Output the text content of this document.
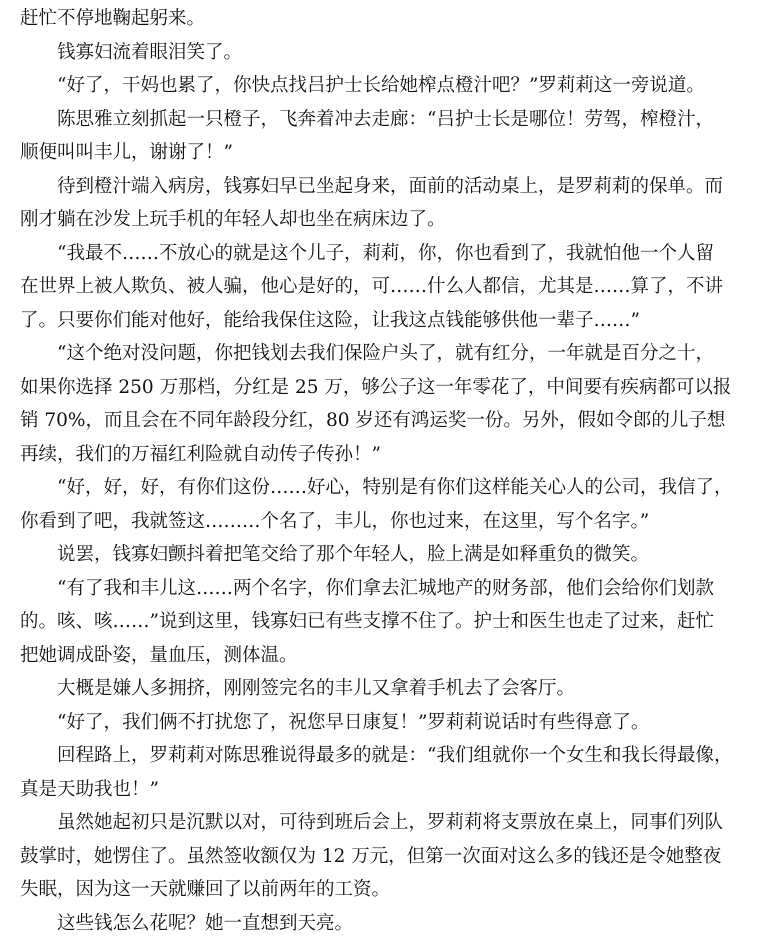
赶忙不停地鞠起躬来。
钱寡妇流着眼泪笑了。
“好了，干妈也累了，你快点找吕护士长给她榨点橙汁吧？”罗莉莉这一旁说道。
陈思雅立刻抓起一只橙子，飞奔着冲去走廊：“吕护士长是哪位！劳驾，榨橙汁，
顺便叫叫丰儿，谢谢了！”
待到橙汁端入病房，钱寡妇早已坐起身来，面前的活动桌上，是罗莉莉的保单。而
刚才躺在沙发上玩手机的年轻人却也坐在病床边了。
“我最不……不放心的就是这个儿子，莉莉，你，你也看到了，我就怕他一个人留
在世界上被人欺负、被人骗，他心是好的，可……什么人都信，尤其是……算了，不讲
了。只要你们能对他好，能给我保住这险，让我这点钱能够供他一辈子……”
“这个绝对没问题，你把钱划去我们保险户头了，就有红分，一年就是百分之十，
如果你选择 250 万那档，分红是 25 万，够公子这一年零花了，中间要有疾病都可以报
销 70%，而且会在不同年龄段分红，80 岁还有鸿运奖一份。另外，假如令郎的儿子想
再续，我们的万福红利险就自动传子传孙！”
“好，好，好，有你们这份……好心，特别是有你们这样能关心人的公司，我信了，
你看到了吧，我就签这………个名了，丰儿，你也过来，在这里，写个名字。”
说罢，钱寡妇颤抖着把笔交给了那个年轻人，脸上满是如释重负的微笑。
“有了我和丰儿这……两个名字，你们拿去汇城地产的财务部，他们会给你们划款
的。咳、咳……”说到这里，钱寡妇已有些支撑不住了。护士和医生也走了过来，赶忙
把她调成卧姿，量血压，测体温。
大概是嫌人多拥挤，刚刚签完名的丰儿又拿着手机去了会客厅。
“好了，我们俩不打扰您了，祝您早日康复！”罗莉莉说话时有些得意了。
回程路上，罗莉莉对陈思雅说得最多的就是：“我们组就你一个女生和我长得最像，
真是天助我也！”
虽然她起初只是沉默以对，可待到班后会上，罗莉莉将支票放在桌上，同事们列队
鼓掌时，她愣住了。虽然签收额仅为 12 万元，但第一次面对这么多的钱还是令她整夜
失眠，因为这一天就赚回了以前两年的工资。
这些钱怎么花呢？她一直想到天亮。
